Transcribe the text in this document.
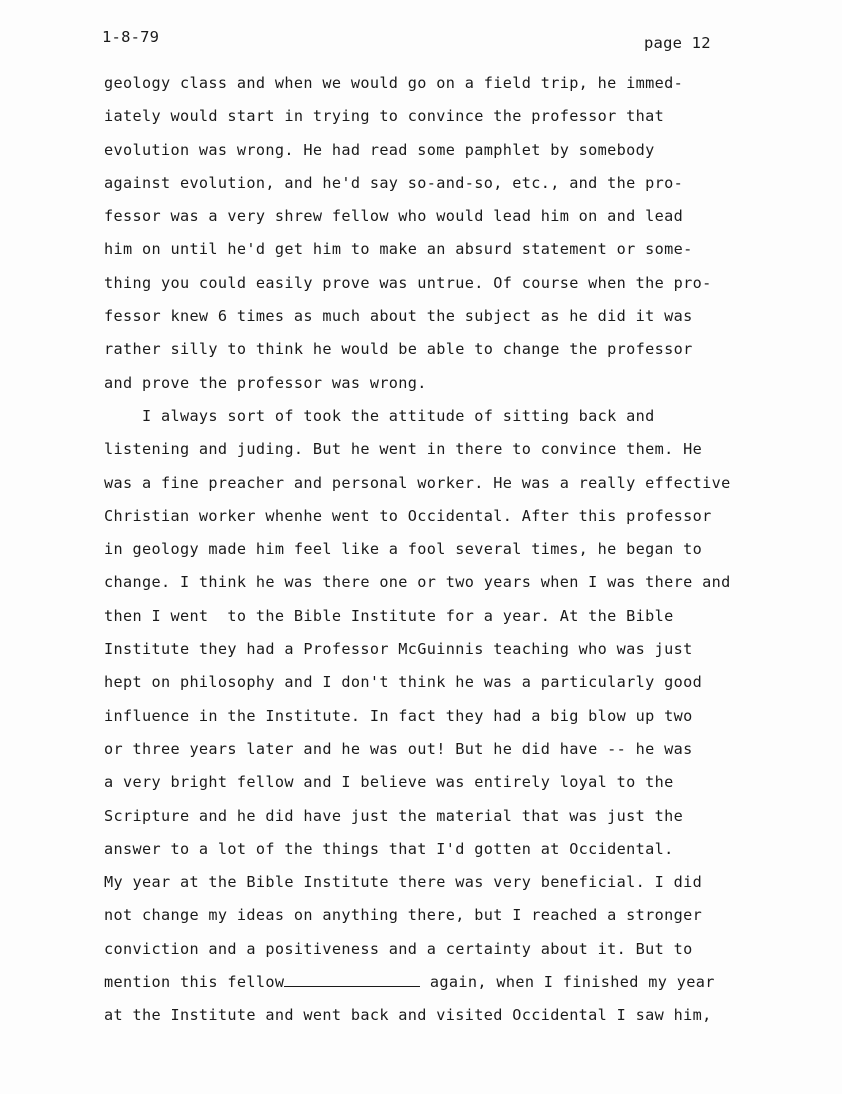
1-8-79	page 12
geology class and when we would go on a field trip, he immed-
iately would start in trying to convince the professor that
evolution was wrong. He had read some pamphlet by somebody
against evolution, and he'd say so-and-so, etc., and the pro-
fessor was a very shrew fellow who would lead him on and lead
him on until he'd get him to make an absurd statement or some-
thing you could easily prove was untrue. Of course when the pro-
fessor knew 6 times as much about the subject as he did it was
rather silly to think he would be able to change the professor
and prove the professor was wrong.
I always sort of took the attitude of sitting back and
listening and juding. But he went in there to convince them. He
was a fine preacher and personal worker. He was a really effective
Christian worker whenhe went to Occidental. After this professor
in geology made him feel like a fool several times, he began to
change. I think he was there one or two years when I was there and
then I went  to the Bible Institute for a year. At the Bible
Institute they had a Professor McGuinnis teaching who was just
hept on philosophy and I don't think he was a particularly good
influence in the Institute. In fact they had a big blow up two
or three years later and he was out! But he did have -- he was
a very bright fellow and I believe was entirely loyal to the
Scripture and he did have just the material that was just the
answer to a lot of the things that I'd gotten at Occidental.
My year at the Bible Institute there was very beneficial. I did
not change my ideas on anything there, but I reached a stronger
conviction and a positiveness and a certainty about it. But to
mention this fellow	again, when I finished my year
at the Institute and went back and visited Occidental I saw him,
